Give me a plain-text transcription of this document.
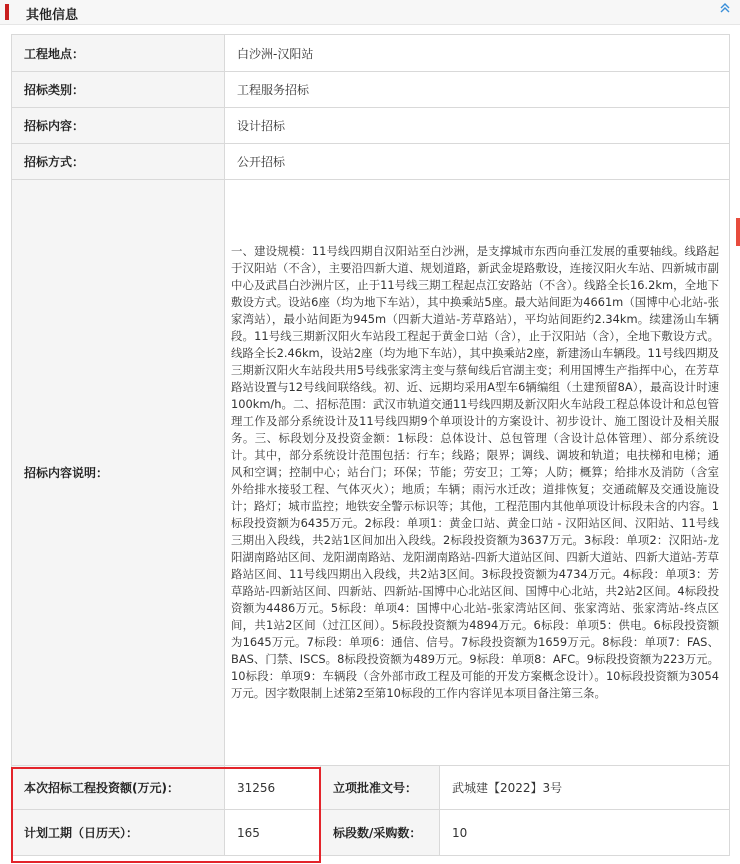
其他信息
工程地点：	白沙洲-汉阳站		
招标类别：	工程服务招标		
招标内容：	设计招标		
招标方式：	公开招标		
招标内容说明：	一、建设规模：11号线四期自汉阳站至白沙洲，是支撑城市东西向垂江发展的重要轴线。线路起于汉阳站（不含），主要沿四新大道、规划道路，新武金堤路敷设，连接汉阳火车站、四新城市副中心及武昌白沙洲片区，止于11号线三期工程起点江安路站（不含）。线路全长16.2km，全地下敷设方式。设站6座（均为地下车站），其中换乘站5座。最大站间距为4661m（国博中心北站-张家湾站），最小站间距为945m（四新大道站-芳草路站），平均站间距约2.34km。续建汤山车辆段。11号线三期新汉阳火车站段工程起于黄金口站（含），止于汉阳站（含），全地下敷设方式。线路全长2.46km，设站2座（均为地下车站），其中换乘站2座，新建汤山车辆段。11号线四期及三期新汉阳火车站段共用5号线张家湾主变与蔡甸线后官湖主变；利用国博生产指挥中心，在芳草路站设置与12号线间联络线。初、近、远期均采用A型车6辆编组（土建预留8A），最高设计时速100km/h。二、招标范围：武汉市轨道交通11号线四期及新汉阳火车站段工程总体设计和总包管理工作及部分系统设计及11号线四期9个单项设计的方案设计、初步设计、施工图设计及相关服务。三、标段划分及投资金额：1标段：总体设计、总包管理（含设计总体管理）、部分系统设计。其中，部分系统设计范围包括：行车；线路；限界；调线、调坡和轨道；电扶梯和电梯；通风和空调；控制中心；站台门；环保；节能；劳安卫；工筹；人防；概算；给排水及消防（含室外给排水接驳工程、气体灭火）；地质；车辆；雨污水迁改；道排恢复；交通疏解及交通设施设计；路灯；城市监控；地铁安全警示标识等；其他，工程范围内其他单项设计标段未含的内容。1标段投资额为6435万元。2标段：单项1：黄金口站、黄金口站 - 汉阳站区间、汉阳站、11号线三期出入段线，共2站1区间加出入段线。2标段投资额为3637万元。3标段：单项2：汉阳站-龙阳湖南路站区间、龙阳湖南路站、龙阳湖南路站-四新大道站区间、四新大道站、四新大道站-芳草路站区间、11号线四期出入段线，共2站3区间。3标段投资额为4734万元。4标段：单项3：芳草路站-四新站区间、四新站、四新站-国博中心北站区间、国博中心北站，共2站2区间。4标段投资额为4486万元。5标段：单项4：国博中心北站-张家湾站区间、张家湾站、张家湾站-终点区间，共1站2区间（过江区间）。5标段投资额为4894万元。6标段：单项5：供电。6标段投资额为1645万元。7标段：单项6：通信、信号。7标段投资额为1659万元。8标段：单项7：FAS、BAS、门禁、ISCS。8标段投资额为489万元。9标段：单项8：AFC。9标段投资额为223万元。10标段：单项9：车辆段（含外部市政工程及可能的开发方案概念设计）。10标段投资额为3054万元。因字数限制上述第2至第10标段的工作内容详见本项目备注第三条。		
本次招标工程投资额(万元)：	31256	立项批准文号：	武城建【2022】3号
计划工期（日历天）：	165	标段数/采购数：	10
